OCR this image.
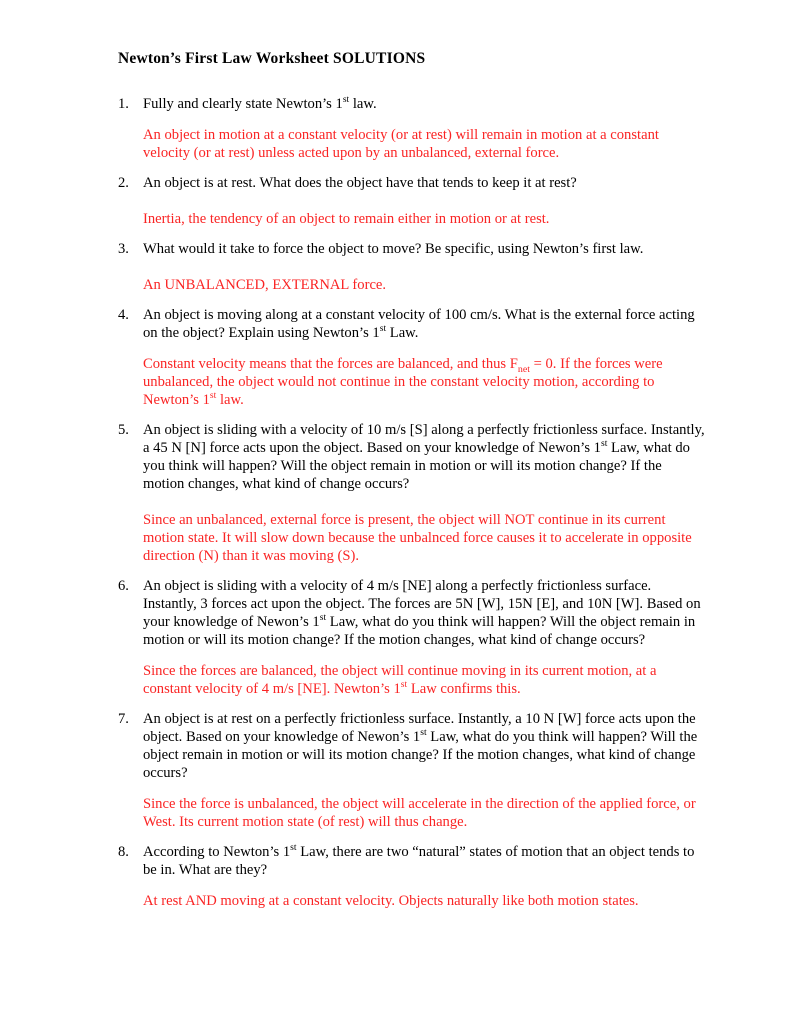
Newton’s First Law Worksheet SOLUTIONS
1. Fully and clearly state Newton’s 1st law.
An object in motion at a constant velocity (or at rest) will remain in motion at a constant velocity (or at rest) unless acted upon by an unbalanced, external force.
2. An object is at rest. What does the object have that tends to keep it at rest?
Inertia, the tendency of an object to remain either in motion or at rest.
3. What would it take to force the object to move? Be specific, using Newton’s first law.
An UNBALANCED, EXTERNAL force.
4. An object is moving along at a constant velocity of 100 cm/s. What is the external force acting on the object? Explain using Newton’s 1st Law.
Constant velocity means that the forces are balanced, and thus $F_{net} = 0$. If the forces were unbalanced, the object would not continue in the constant velocity motion, according to Newton’s 1st law.
5. An object is sliding with a velocity of 10 m/s [S] along a perfectly frictionless surface. Instantly, a 45 N [N] force acts upon the object. Based on your knowledge of Newon’s 1st Law, what do you think will happen? Will the object remain in motion or will its motion change? If the motion changes, what kind of change occurs?
Since an unbalanced, external force is present, the object will NOT continue in its current motion state. It will slow down because the unbalnced force causes it to accelerate in opposite direction (N) than it was moving (S).
6. An object is sliding with a velocity of 4 m/s [NE] along a perfectly frictionless surface. Instantly, 3 forces act upon the object. The forces are 5N [W], 15N [E], and 10N [W]. Based on your knowledge of Newon’s 1st Law, what do you think will happen? Will the object remain in motion or will its motion change? If the motion changes, what kind of change occurs?
Since the forces are balanced, the object will continue moving in its current motion, at a constant velocity of 4 m/s [NE]. Newton’s 1st Law confirms this.
7. An object is at rest on a perfectly frictionless surface. Instantly, a 10 N [W] force acts upon the object. Based on your knowledge of Newon’s 1st Law, what do you think will happen? Will the object remain in motion or will its motion change? If the motion changes, what kind of change occurs?
Since the force is unbalanced, the object will accelerate in the direction of the applied force, or West. Its current motion state (of rest) will thus change.
8. According to Newton’s 1st Law, there are two “natural” states of motion that an object tends to be in. What are they?
At rest AND moving at a constant velocity. Objects naturally like both motion states.
